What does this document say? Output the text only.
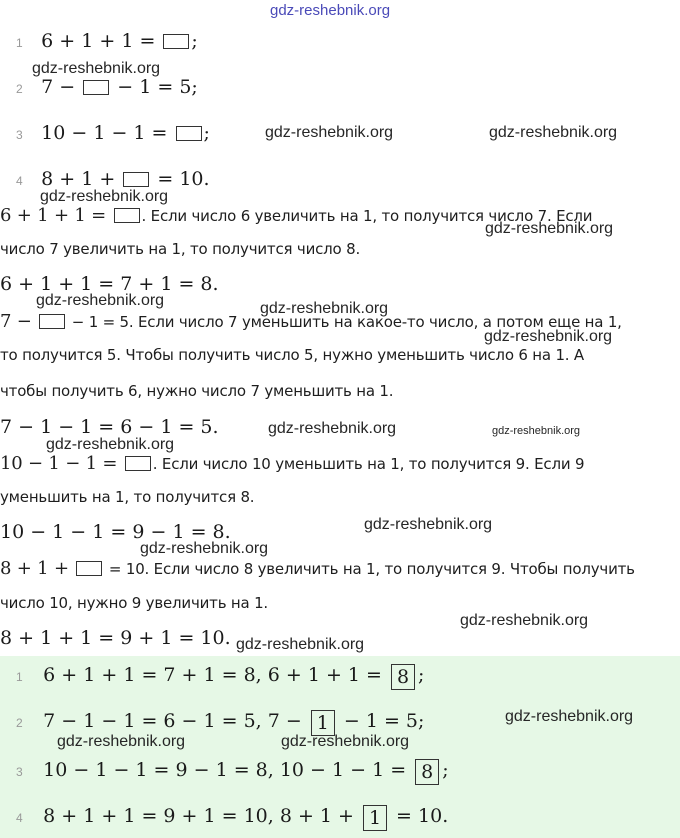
gdz-reshebnik.org
1 6 + 1 + 1 = ;
2 7 −  − 1 = 5;
3 10 − 1 − 1 = ;
4 8 + 1 +  = 10.
6 + 1 + 1 = . Если число 6 увеличить на 1, то получится число 7. Если
число 7 увеличить на 1, то получится число 8.
6 + 1 + 1 = 7 + 1 = 8.
7 −  − 1 = 5. Если число 7 уменьшить на какое-то число, а потом еще на 1,
то получится 5. Чтобы получить число 5, нужно уменьшить число 6 на 1. А
чтобы получить 6, нужно число 7 уменьшить на 1.
7 − 1 − 1 = 6 − 1 = 5.
10 − 1 − 1 = . Если число 10 уменьшить на 1, то получится 9. Если 9
уменьшить на 1, то получится 8.
10 − 1 − 1 = 9 − 1 = 8.
8 + 1 +  = 10. Если число 8 увеличить на 1, то получится 9. Чтобы получить
число 10, нужно 9 увеличить на 1.
8 + 1 + 1 = 9 + 1 = 10.
1 6 + 1 + 1 = 7 + 1 = 8, 6 + 1 + 1 = 8 ;
2 7 − 1 − 1 = 6 − 1 = 5, 7 − 1 − 1 = 5;
3 10 − 1 − 1 = 9 − 1 = 8, 10 − 1 − 1 = 8 ;
4 8 + 1 + 1 = 9 + 1 = 10, 8 + 1 + 1 = 10.
gdz-reshebnik.org
gdz-reshebnik.org	gdz-reshebnik.org
gdz-reshebnik.org
gdz-reshebnik.org
gdz-reshebnik.org	gdz-reshebnik.org
gdz-reshebnik.org
gdz-reshebnik.org	gdz-reshebnik.org
gdz-reshebnik.org
gdz-reshebnik.org
gdz-reshebnik.org
gdz-reshebnik.org
gdz-reshebnik.org
gdz-reshebnik.org
gdz-reshebnik.org	gdz-reshebnik.org
